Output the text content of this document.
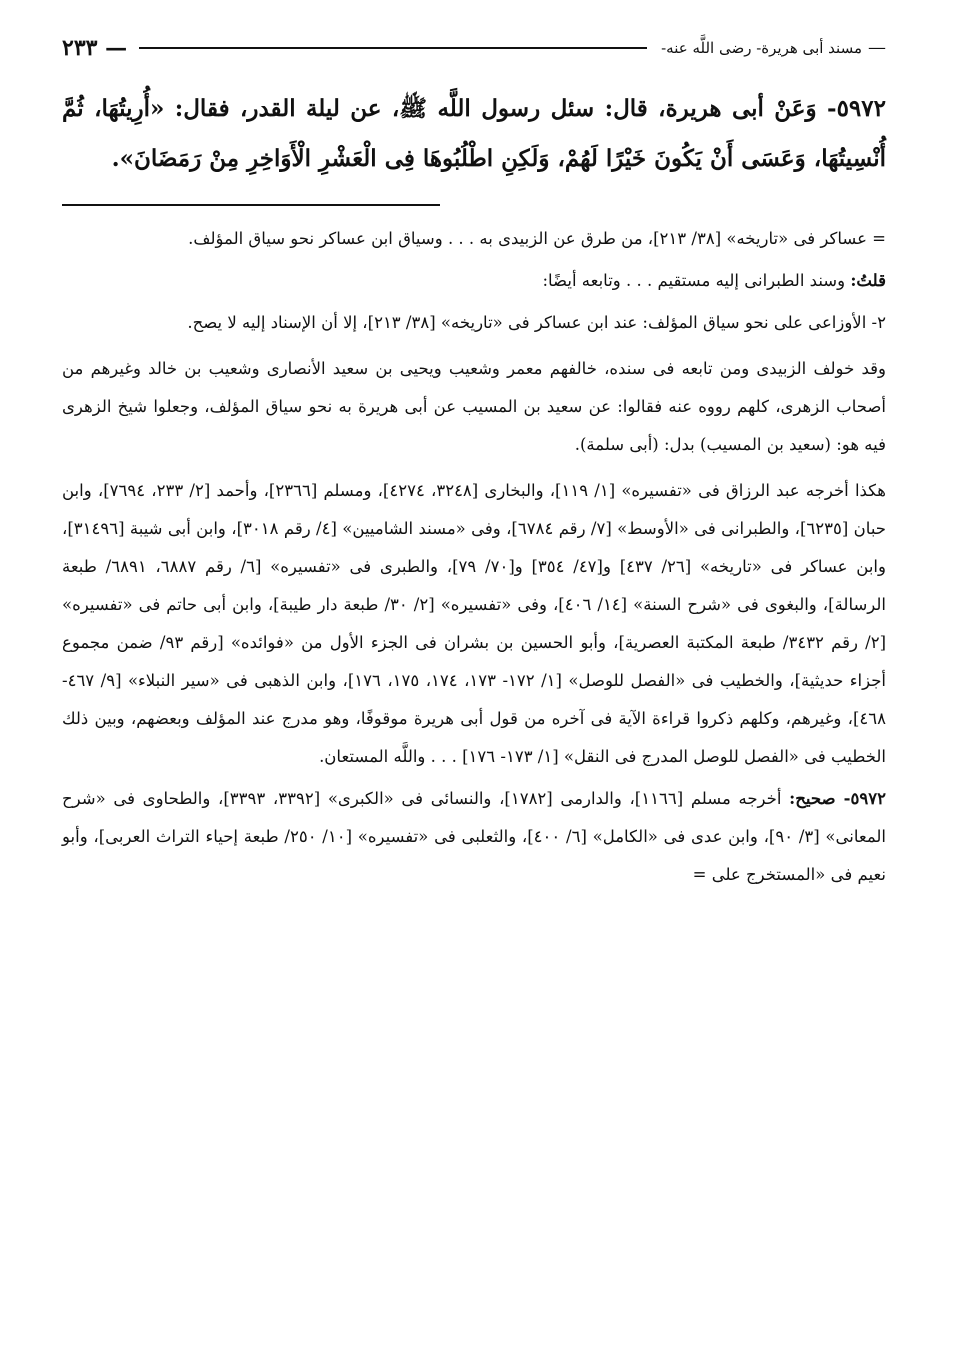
—
مسند أبى هريرة- رضى اللَّه عنه-
— ٢٣٣
٥٩٧٢- وَعَنْ أبى هريرة، قال: سئل رسول اللَّه ﷺ، عن ليلة القدر، فقال: «أُرِيتُهَا، ثُمَّ أُنْسِيتُهَا، وَعَسَى أَنْ يَكُونَ خَيْرًا لَهُمْ، وَلَكِنِ اطْلُبُوهَا فِى الْعَشْرِ الْأَوَاخِرِ مِنْ رَمَضَانَ».

= عساكر فى «تاريخه» [٣٨/ ٢١٣]، من طرق عن الزبيدى به . . . وسياق ابن عساكر نحو سياق المؤلف.

قلتُ: وسند الطبرانى إليه مستقيم . . . وتابعه أيضًا:

٢- الأوزاعى على نحو سياق المؤلف: عند ابن عساكر فى «تاريخه» [٣٨/ ٢١٣]، إلا أن الإسناد إليه لا يصح.

وقد خولف الزبيدى ومن تابعه فى سنده، خالفهم معمر وشعيب ويحيى بن سعيد الأنصارى وشعيب بن خالد وغيرهم من أصحاب الزهرى، كلهم رووه عنه فقالوا: عن سعيد بن المسيب عن أبى هريرة به نحو سياق المؤلف، وجعلوا شيخ الزهرى فيه هو: (سعيد بن المسيب) بدل: (أبى سلمة).

هكذا أخرجه عبد الرزاق فى «تفسيره» [١/ ١١٩]، والبخارى [٣٢٤٨، ٤٢٧٤]، ومسلم [٢٣٦٦]، وأحمد [٢/ ٢٣٣، ٧٦٩٤]، وابن حبان [٦٢٣٥]، والطبرانى فى «الأوسط» [٧/ رقم ٦٧٨٤]، وفى «مسند الشاميين» [٤/ رقم ٣٠١٨]، وابن أبى شيبة [٣١٤٩٦]، وابن عساكر فى «تاريخه» [٢٦/ ٤٣٧] و[٤٧/ ٣٥٤] و[٧٠/ ٧٩]، والطبرى فى «تفسيره» [٦/ رقم ٦٨٨٧، ٦٨٩١/ طبعة الرسالة]، والبغوى فى «شرح السنة» [١٤/ ٤٠٦]، وفى «تفسيره» [٢/ ٣٠/ طبعة دار طيبة]، وابن أبى حاتم فى «تفسيره» [٢/ رقم ٣٤٣٢/ طبعة المكتبة العصرية]، وأبو الحسين بن بشران فى الجزء الأول من «فوائده» [رقم ٩٣/ ضمن مجموع أجزاء حديثية]، والخطيب فى «الفصل للوصل» [١/ ١٧٢- ١٧٣، ١٧٤، ١٧٥، ١٧٦]، وابن الذهبى فى «سير النبلاء» [٩/ ٤٦٧- ٤٦٨]، وغيرهم، وكلهم ذكروا قراءة الآية فى آخره من قول أبى هريرة موقوفًا، وهو مدرج عند المؤلف وبعضهم، وبين ذلك الخطيب فى «الفصل للوصل المدرج فى النقل» [١/ ١٧٣- ١٧٦] . . . واللَّه المستعان.

٥٩٧٢- صحيح: أخرجه مسلم [١١٦٦]، والدارمى [١٧٨٢]، والنسائى فى «الكبرى» [٣٣٩٢، ٣٣٩٣]، والطحاوى فى «شرح المعانى» [٣/ ٩٠]، وابن عدى فى «الكامل» [٦/ ٤٠٠]، والثعلبى فى «تفسيره» [١٠/ ٢٥٠/ طبعة إحياء التراث العربى]، وأبو نعيم فى «المستخرج على =
